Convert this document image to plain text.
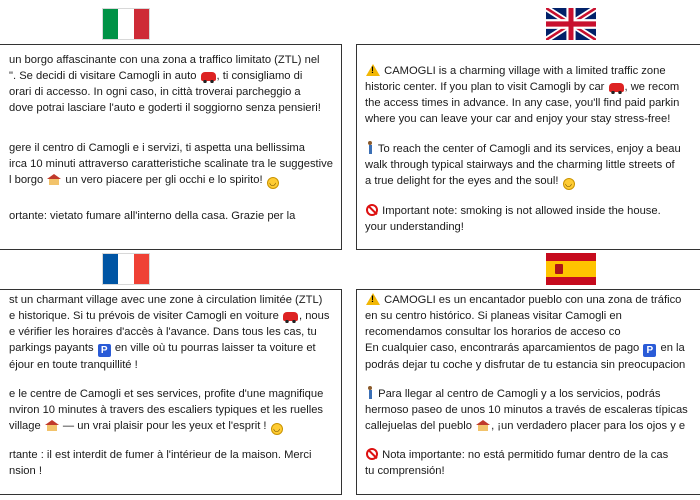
un borgo affascinante con una zona a traffico limitato (ZTL) nel
". Se decidi di visitare Camogli in auto , ti consigliamo di
orari di accesso. In ogni caso, in città troverai parcheggio a
dove potrai lasciare l'auto e goderti il soggiorno senza pensieri!
gere il centro di Camogli e i servizi, ti aspetta una bellissima
irca 10 minuti attraverso caratteristiche scalinate tra le suggestive
l borgo  un vero piacere per gli occhi e lo spirito! ◡
ortante: vietato fumare all'interno della casa. Grazie per la
! CAMOGLI is a charming village with a limited traffic zone
historic center. If you plan to visit Camogli by car , we recom
the access times in advance. In any case, you'll find paid parkin
where you can leave your car and enjoy your stay stress-free!
To reach the center of Camogli and its services, enjoy a beau
walk through typical stairways and the charming little streets of
a true delight for the eyes and the soul! ◡
Important note: smoking is not allowed inside the house.
your understanding!
st un charmant village avec une zone à circulation limitée (ZTL)
e historique. Si tu prévois de visiter Camogli en voiture , nous
e vérifier les horaires d'accès à l'avance. Dans tous les cas, tu
parkings payants P en ville où tu pourras laisser ta voiture et
éjour en toute tranquillité !
e le centre de Camogli et ses services, profite d'une magnifique
nviron 10 minutes à travers des escaliers typiques et les ruelles
village  — un vrai plaisir pour les yeux et l'esprit ! ◡
rtante : il est interdit de fumer à l'intérieur de la maison. Merci
nsion !
! CAMOGLI es un encantador pueblo con una zona de tráfico
en su centro histórico. Si planeas visitar Camogli en
recomendamos consultar los horarios de acceso co
En cualquier caso, encontrarás aparcamientos de pago P en la
podrás dejar tu coche y disfrutar de tu estancia sin preocupacion
Para llegar al centro de Camogli y a los servicios, podrás
hermoso paseo de unos 10 minutos a través de escaleras típicas
callejuelas del pueblo , ¡un verdadero placer para los ojos y e
Nota importante: no está permitido fumar dentro de la cas
tu comprensión!
